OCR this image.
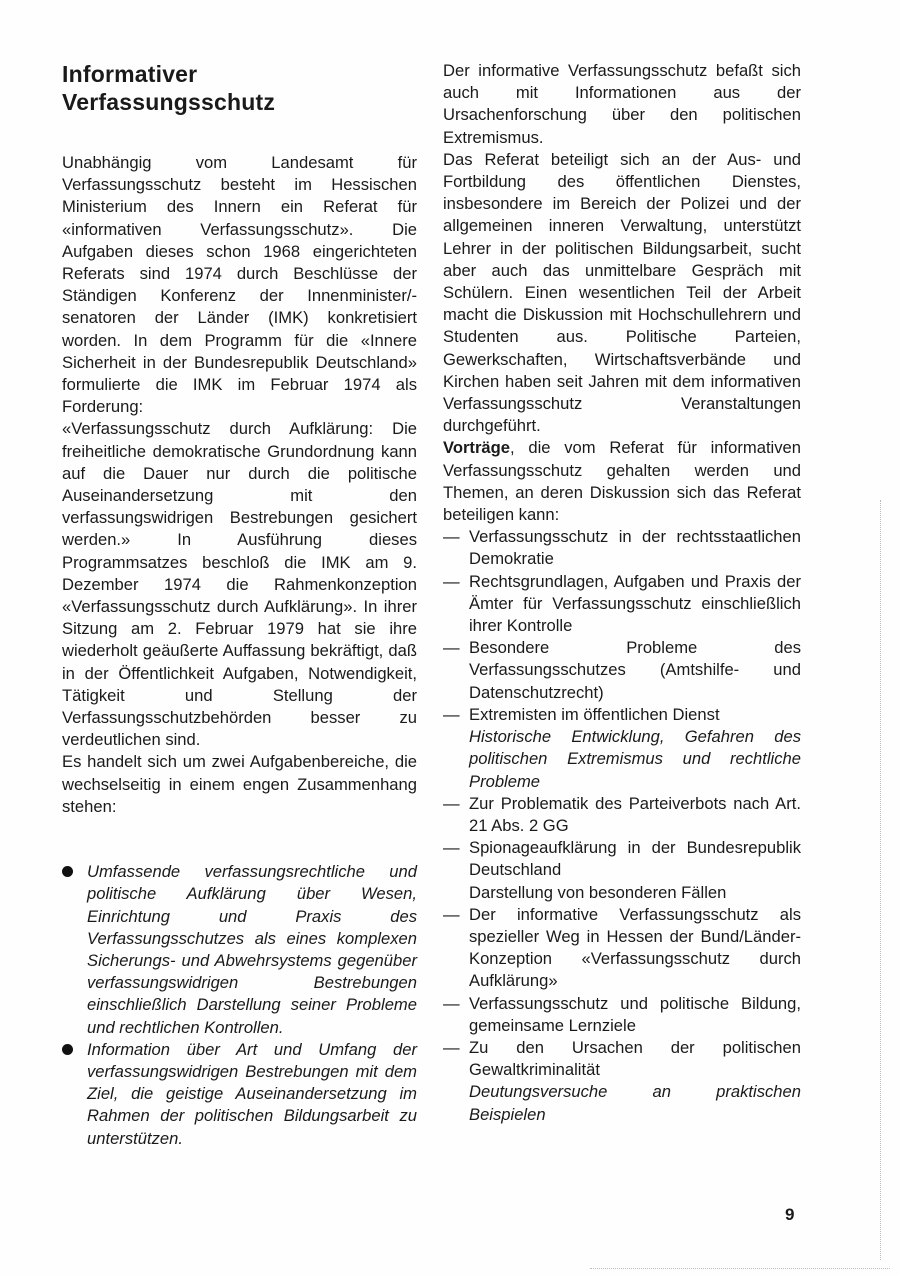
Informativer
Verfassungsschutz

Unabhängig vom Landesamt für Verfassungsschutz besteht im Hessischen Ministerium des Innern ein Referat für «informativen Verfassungsschutz». Die Aufgaben dieses schon 1968 eingerichteten Referats sind 1974 durch Beschlüsse der Ständigen Konferenz der Innenminister/-senatoren der Länder (IMK) konkretisiert worden. In dem Programm für die «Innere Sicherheit in der Bundesrepublik Deutschland» formulierte die IMK im Februar 1974 als Forderung:

«Verfassungsschutz durch Aufklärung: Die freiheitliche demokratische Grundordnung kann auf die Dauer nur durch die politische Auseinandersetzung mit den verfassungswidrigen Bestrebungen gesichert werden.» In Ausführung dieses Programmsatzes beschloß die IMK am 9. Dezember 1974 die Rahmenkonzeption «Verfassungsschutz durch Aufklärung». In ihrer Sitzung am 2. Februar 1979 hat sie ihre wiederholt geäußerte Auffassung bekräftigt, daß in der Öffentlichkeit Aufgaben, Notwendigkeit, Tätigkeit und Stellung der Verfassungsschutzbehörden besser zu verdeutlichen sind.

Es handelt sich um zwei Aufgabenbereiche, die wechselseitig in einem engen Zusammenhang stehen:

Umfassende verfassungsrechtliche und politische Aufklärung über Wesen, Einrichtung und Praxis des Verfassungsschutzes als eines komplexen Sicherungs- und Abwehrsystems gegenüber verfassungswidrigen Bestrebungen einschließlich Darstellung seiner Probleme und rechtlichen Kontrollen.
Information über Art und Umfang der verfassungswidrigen Bestrebungen mit dem Ziel, die geistige Auseinandersetzung im Rahmen der politischen Bildungsarbeit zu unterstützen.

Der informative Verfassungsschutz befaßt sich auch mit Informationen aus der Ursachenforschung über den politischen Extremismus.

Das Referat beteiligt sich an der Aus- und Fortbildung des öffentlichen Dienstes, insbesondere im Bereich der Polizei und der allgemeinen inneren Verwaltung, unterstützt Lehrer in der politischen Bildungsarbeit, sucht aber auch das unmittelbare Gespräch mit Schülern. Einen wesentlichen Teil der Arbeit macht die Diskussion mit Hochschullehrern und Studenten aus. Politische Parteien, Gewerkschaften, Wirtschaftsverbände und Kirchen haben seit Jahren mit dem informativen Verfassungsschutz Veranstaltungen durchgeführt.

Vorträge, die vom Referat für informativen Verfassungsschutz gehalten werden und Themen, an deren Diskussion sich das Referat beteiligen kann:

— Verfassungsschutz in der rechtsstaatlichen Demokratie
— Rechtsgrundlagen, Aufgaben und Praxis der Ämter für Verfassungsschutz einschließlich ihrer Kontrolle
— Besondere Probleme des Verfassungsschutzes (Amtshilfe- und Datenschutzrecht)
— Extremisten im öffentlichen Dienst
Historische Entwicklung, Gefahren des politischen Extremismus und rechtliche Probleme
— Zur Problematik des Parteiverbots nach Art. 21 Abs. 2 GG
— Spionageaufklärung in der Bundesrepublik Deutschland
Darstellung von besonderen Fällen
— Der informative Verfassungsschutz als spezieller Weg in Hessen der Bund/Länder-Konzeption «Verfassungsschutz durch Aufklärung»
— Verfassungsschutz und politische Bildung, gemeinsame Lernziele
— Zu den Ursachen der politischen Gewaltkriminalität
Deutungsversuche an praktischen Beispielen
9
